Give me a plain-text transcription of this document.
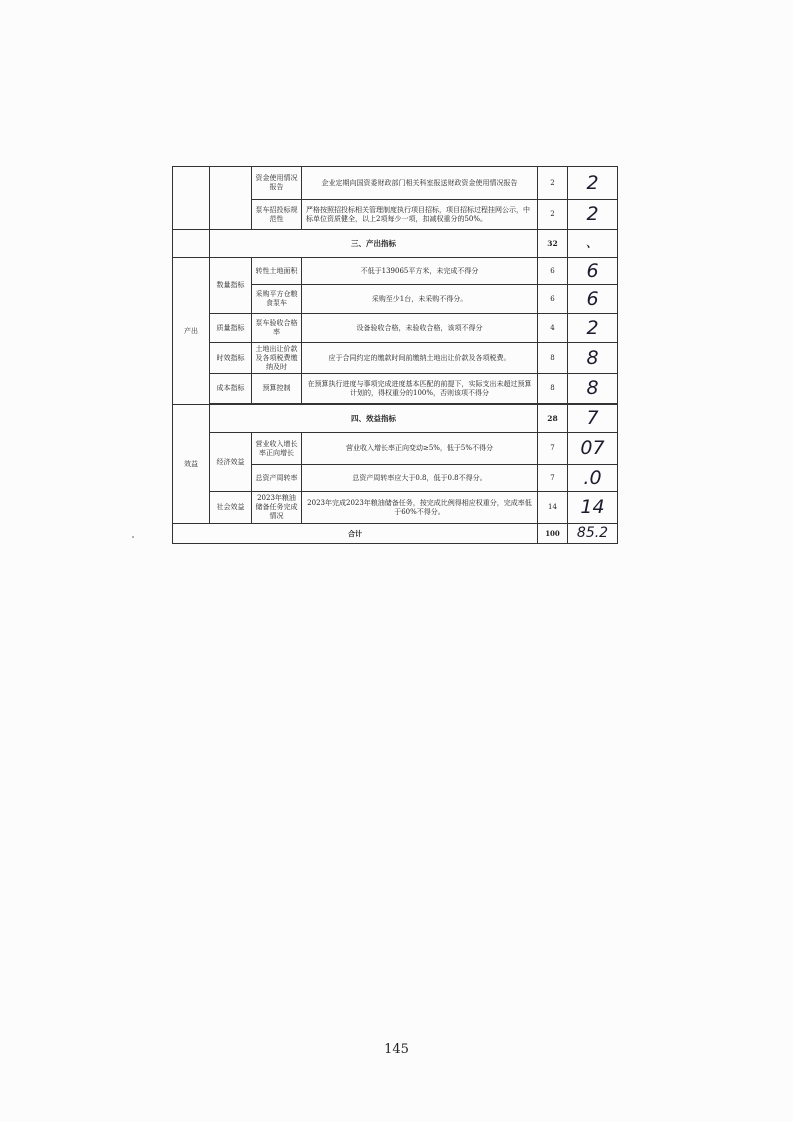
		资金使用情况报告	企业定期向国资委财政部门相关科室报送财政资金使用情况报告	2	2
		泵车招投标规范性	严格按照招投标相关管理制度执行项目招标，项目招标过程挂网公示，中标单位资质健全，以上2项每少一项，扣减权重分的50%。	2	2
	三、产出指标			32	、
产出	数量指标	转性土地面积	不低于139065平方米，未完成不得分	6	6
		采购平方仓粮食泵车	采购至少1台，未采购不得分。	6	6
	质量指标	泵车验收合格率	设备验收合格，未验收合格，该项不得分	4	2
	时效指标	土地出让价款及各项税费缴纳及时	应于合同约定的缴款时间前缴纳土地出让价款及各项税费。	8	8
	成本指标	预算控制	在预算执行进度与事项完成进度基本匹配的前提下，实际支出未超过预算计划的，得权重分的100%，否则该项不得分	8	8

效益	四、效益指标			28	7
	经济效益	营业收入增长率正向增长	营业收入增长率正向变动≥5%，低于5%不得分	7	07
		总资产周转率	总资产周转率应大于0.8，低于0.8不得分。	7	.0
	社会效益	2023年粮油储备任务完成情况	2023年完成2023年粮油储备任务，按完成比例得相应权重分，完成率低于60%不得分。	14	14
合计				100	85.2
145
